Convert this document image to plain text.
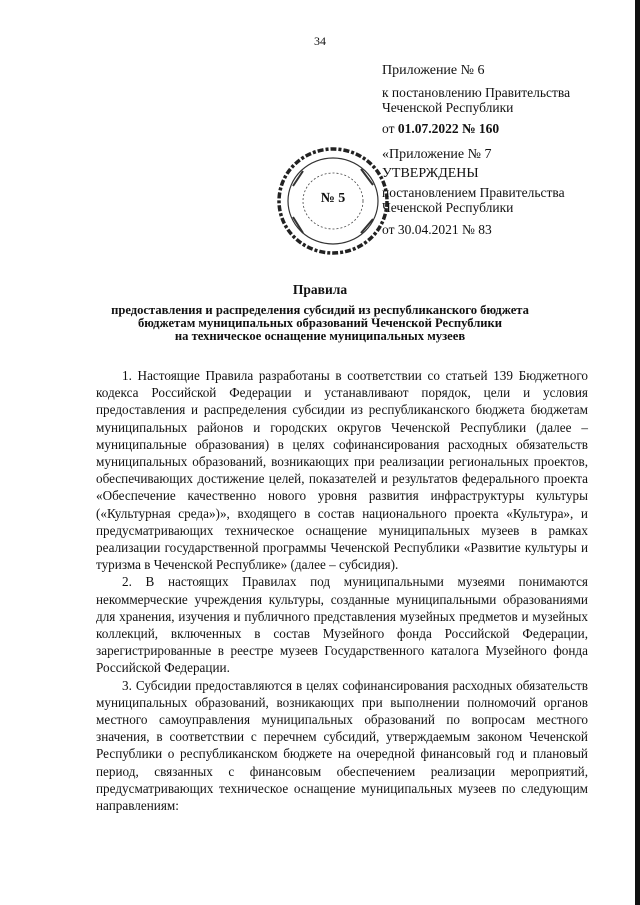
34
Приложение № 6
к постановлению Правительства
Чеченской Республики
от 01.07.2022 № 160
№ 5
«Приложение № 7
УТВЕРЖДЕНЫ
постановлением Правительства
Чеченской Республики
от 30.04.2021 № 83
Правила
предоставления и распределения субсидий из республиканского бюджета
бюджетам муниципальных образований Чеченской Республики
на техническое оснащение муниципальных музеев

1. Настоящие Правила разработаны в соответствии со статьей 139 Бюджетного кодекса Российской Федерации и устанавливают порядок, цели и условия предоставления и распределения субсидии из республиканского бюджета бюджетам муниципальных районов и городских округов Чеченской Республики (далее – муниципальные образования) в целях софинансирования расходных обязательств муниципальных образований, возникающих при реализации региональных проектов, обеспечивающих достижение целей, показателей и результатов федерального проекта «Обеспечение качественно нового уровня развития инфраструктуры культуры («Культурная среда»)», входящего в состав национального проекта «Культура», и предусматривающих техническое оснащение муниципальных музеев в рамках реализации государственной программы Чеченской Республики «Развитие культуры и туризма в Чеченской Республике» (далее – субсидия).

2. В настоящих Правилах под муниципальными музеями понимаются некоммерческие учреждения культуры, созданные муниципальными образованиями для хранения, изучения и публичного представления музейных предметов и музейных коллекций, включенных в состав Музейного фонда Российской Федерации, зарегистрированные в реестре музеев Государственного каталога Музейного фонда Российской Федерации.

3. Субсидии предоставляются в целях софинансирования расходных обязательств муниципальных образований, возникающих при выполнении полномочий органов местного самоуправления муниципальных образований по вопросам местного значения, в соответствии с перечнем субсидий, утверждаемым законом Чеченской Республики о республиканском бюджете на очередной финансовый год и плановый период, связанных с финансовым обеспечением реализации мероприятий, предусматривающих техническое оснащение муниципальных музеев по следующим направлениям:
